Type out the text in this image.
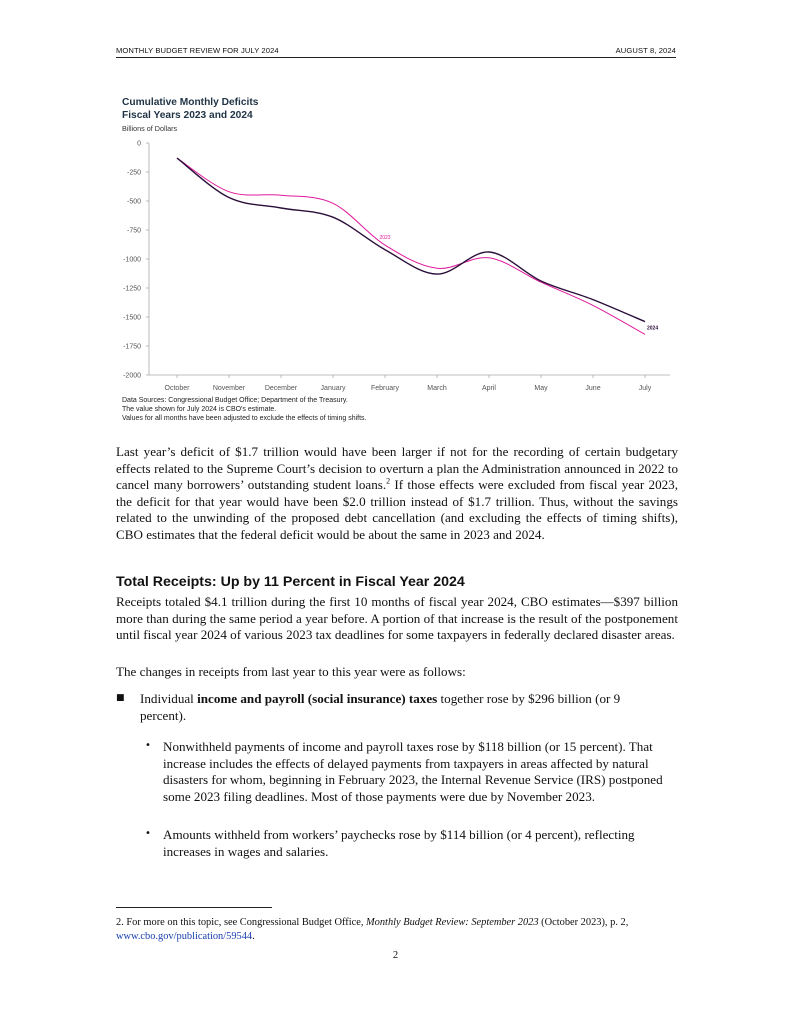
MONTHLY BUDGET REVIEW FOR JULY 2024	AUGUST 8, 2024
Cumulative Monthly Deficits
Fiscal Years 2023 and 2024
Billions of Dollars
0
-250
-500
-750
-1000
-1250
-1500
-1750
-2000
October	November	December	January	February	March	April	May	June	July
2023
2024
Data Sources: Congressional Budget Office; Department of the Treasury.
The value shown for July 2024 is CBO's estimate.
Values for all months have been adjusted to exclude the effects of timing shifts.

Last year’s deficit of $1.7 trillion would have been larger if not for the recording of certain budgetary effects related to the Supreme Court’s decision to overturn a plan the Administration announced in 2022 to cancel many borrowers’ outstanding student loans.$^2$ If those effects were excluded from fiscal year 2023, the deficit for that year would have been $2.0 trillion instead of $1.7 trillion. Thus, without the savings related to the unwinding of the proposed debt cancellation (and excluding the effects of timing shifts), CBO estimates that the federal deficit would be about the same in 2023 and 2024.

Total Receipts: Up by 11 Percent in Fiscal Year 2024

Receipts totaled $4.1 trillion during the first 10 months of fiscal year 2024, CBO estimates—$397 billion more than during the same period a year before. A portion of that increase is the result of the postponement until fiscal year 2024 of various 2023 tax deadlines for some taxpayers in federally declared disaster areas.

The changes in receipts from last year to this year were as follows:

■ Individual income and payroll (social insurance) taxes together rose by $296 billion (or 9 percent).

• Nonwithheld payments of income and payroll taxes rose by $118 billion (or 15 percent). That increase includes the effects of delayed payments from taxpayers in areas affected by natural disasters for whom, beginning in February 2023, the Internal Revenue Service (IRS) postponed some 2023 filing deadlines. Most of those payments were due by November 2023.

• Amounts withheld from workers’ paychecks rose by $114 billion (or 4 percent), reflecting increases in wages and salaries.

2. For more on this topic, see Congressional Budget Office, Monthly Budget Review: September 2023 (October 2023), p. 2, www.cbo.gov/publication/59544.

2
